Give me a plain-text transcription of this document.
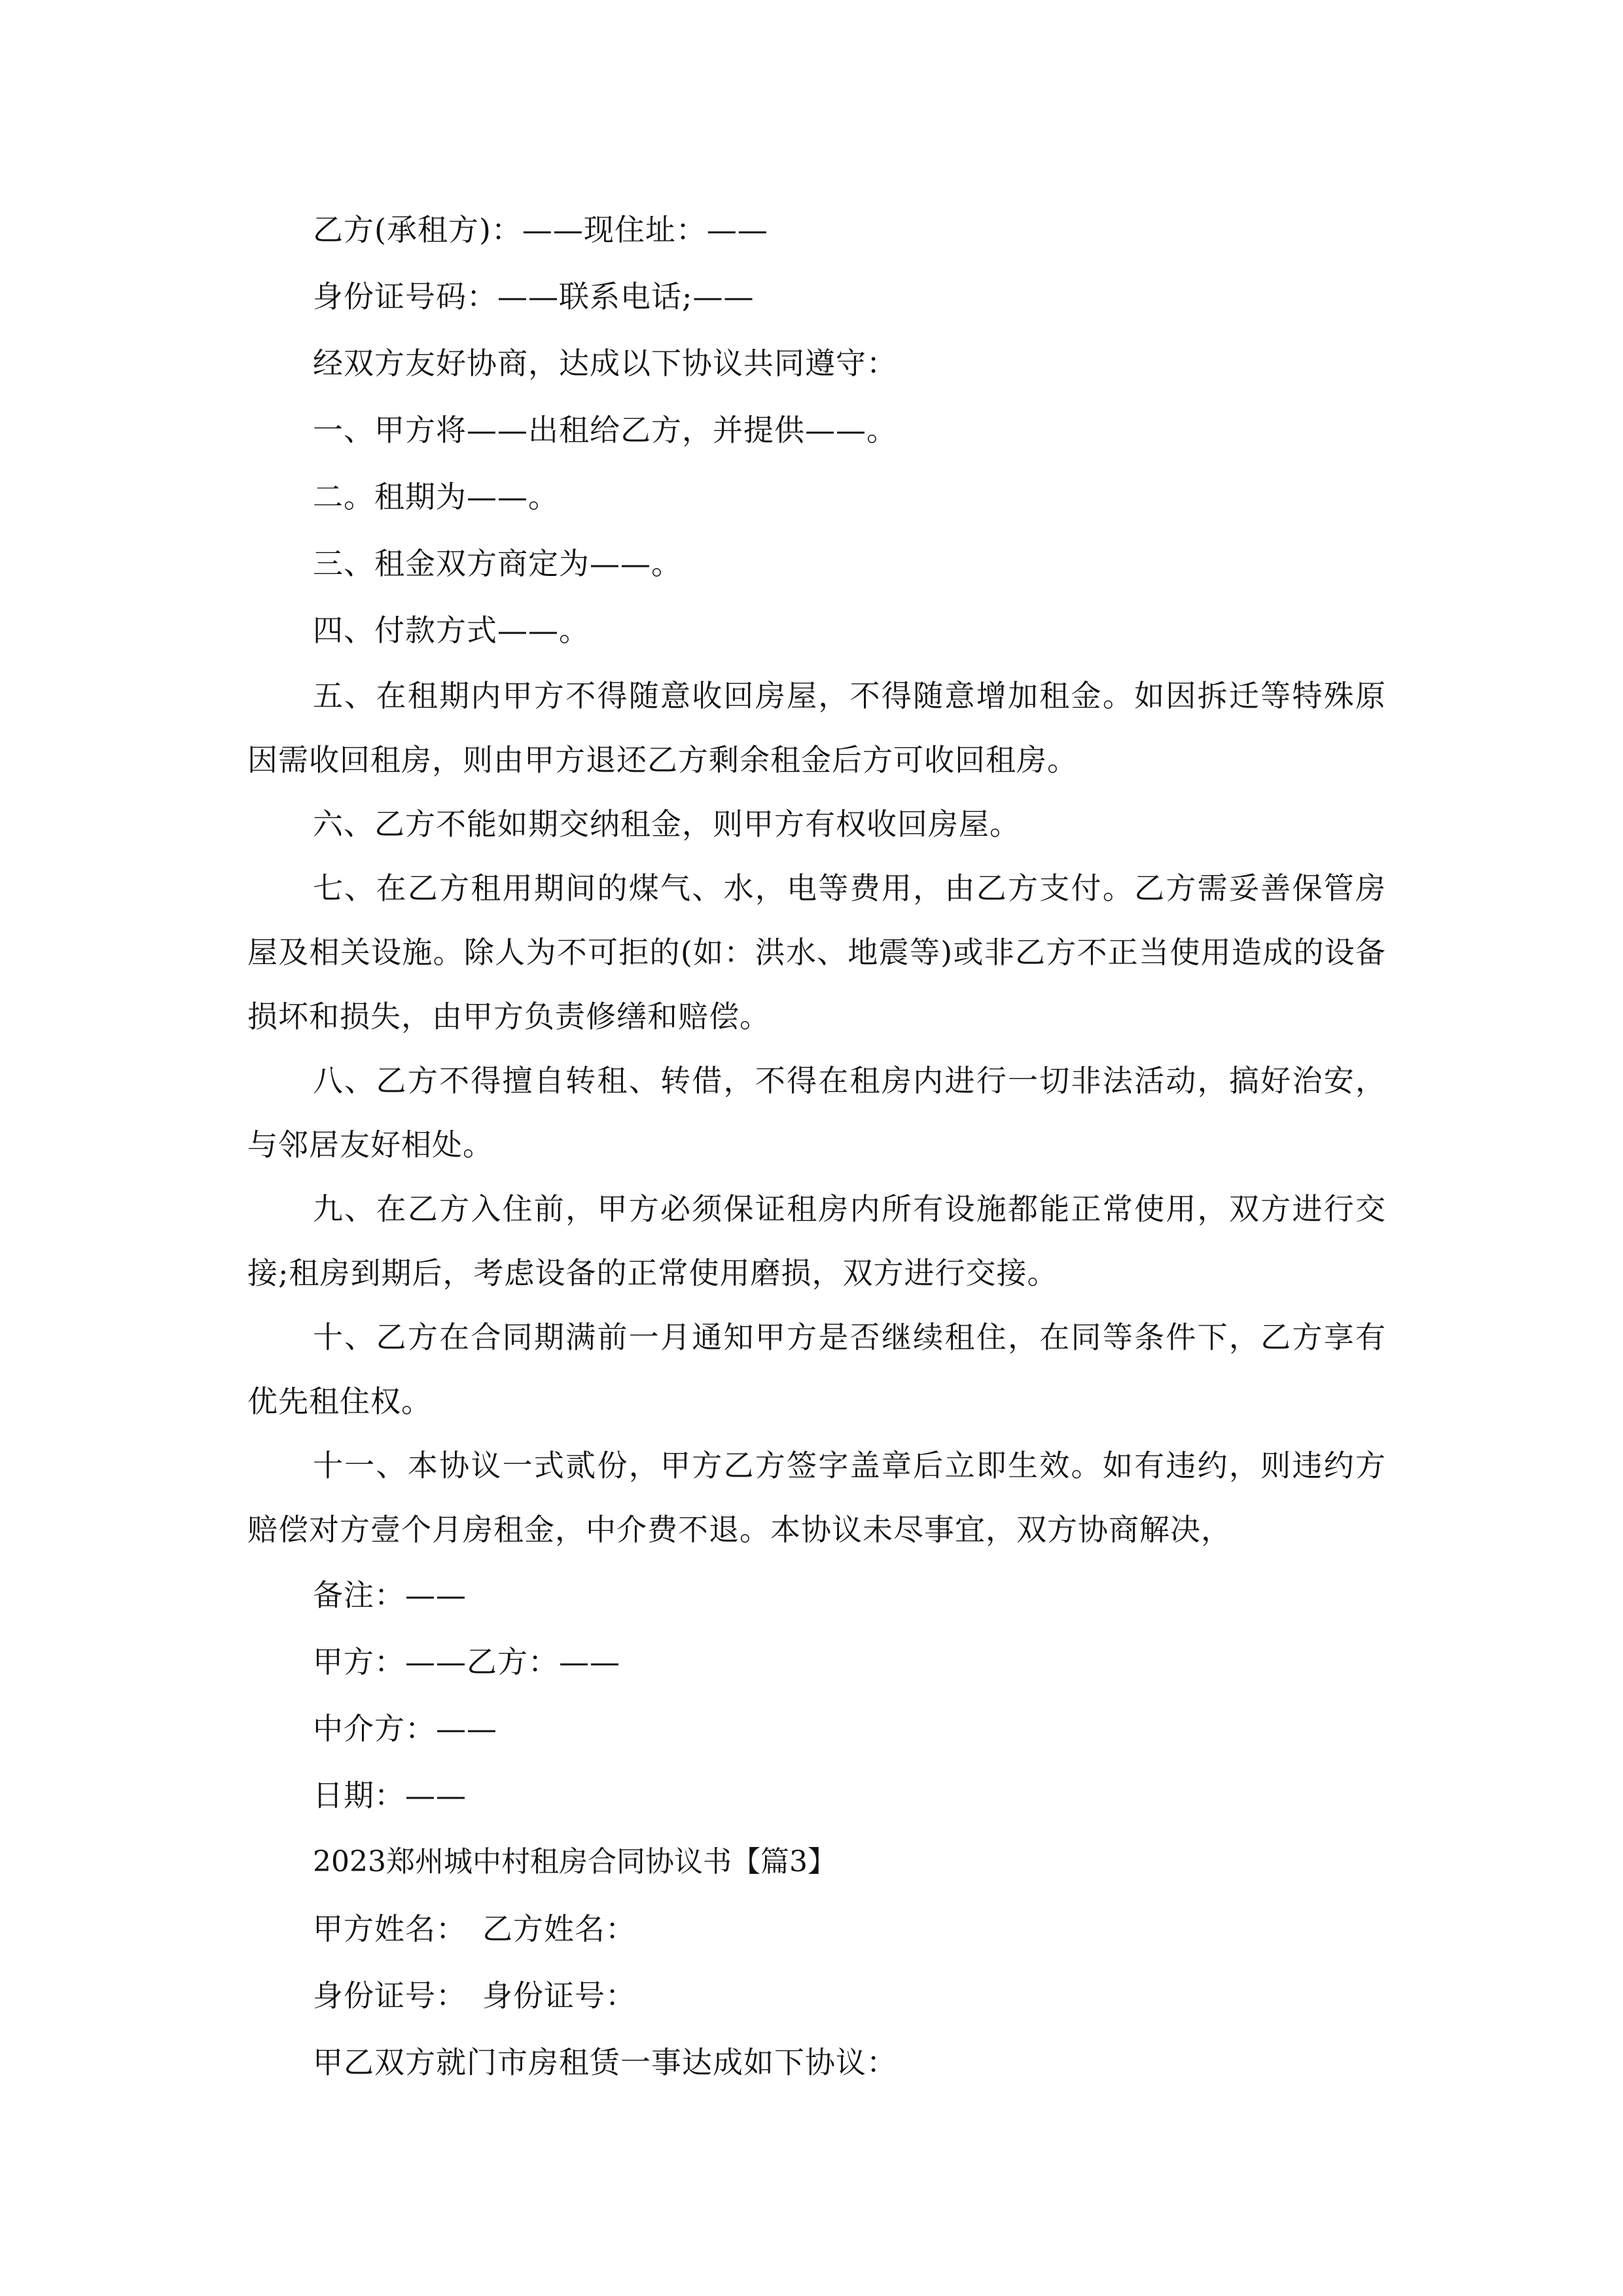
乙方(承租方)：——现住址：——

身份证号码：——联系电话;——

经双方友好协商，达成以下协议共同遵守：

一、甲方将——出租给乙方，并提供——。

二。租期为——。

三、租金双方商定为——。

四、付款方式——。

五、在租期内甲方不得随意收回房屋，不得随意增加租金。如因拆迁等特殊原因需收回租房，则由甲方退还乙方剩余租金后方可收回租房。

六、乙方不能如期交纳租金，则甲方有权收回房屋。

七、在乙方租用期间的煤气、水，电等费用，由乙方支付。乙方需妥善保管房屋及相关设施。除人为不可拒的(如：洪水、地震等)或非乙方不正当使用造成的设备损坏和损失，由甲方负责修缮和赔偿。

八、乙方不得擅自转租、转借，不得在租房内进行一切非法活动，搞好治安，与邻居友好相处。

九、在乙方入住前，甲方必须保证租房内所有设施都能正常使用，双方进行交接;租房到期后，考虑设备的正常使用磨损，双方进行交接。

十、乙方在合同期满前一月通知甲方是否继续租住，在同等条件下，乙方享有优先租住权。

十一、本协议一式贰份，甲方乙方签字盖章后立即生效。如有违约，则违约方赔偿对方壹个月房租金，中介费不退。本协议未尽事宜，双方协商解决，

备注：——

甲方：——乙方：——

中介方：——

日期：——

2023郑州城中村租房合同协议书【篇3】

甲方姓名：　乙方姓名：

身份证号：　身份证号：

甲乙双方就门市房租赁一事达成如下协议：
